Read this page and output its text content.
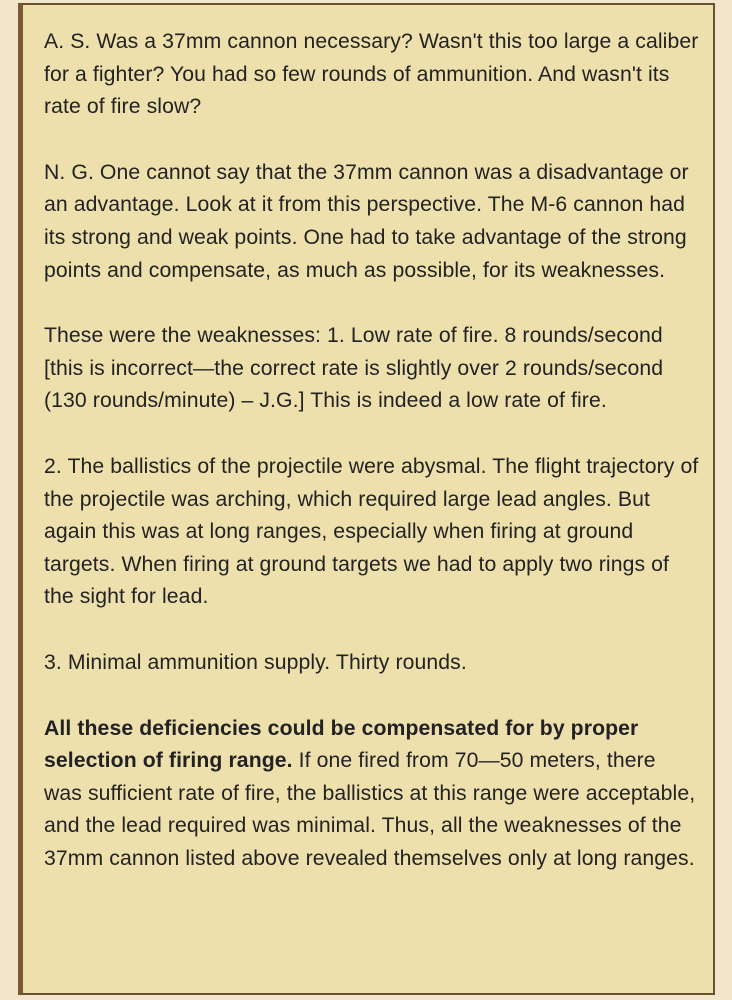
A. S. Was a 37mm cannon necessary? Wasn't this too large a caliber for a fighter? You had so few rounds of ammunition. And wasn't its rate of fire slow?

N. G. One cannot say that the 37mm cannon was a disadvantage or an advantage. Look at it from this perspective. The M-6 cannon had its strong and weak points. One had to take advantage of the strong points and compensate, as much as possible, for its weaknesses.

These were the weaknesses: 1. Low rate of fire. 8 rounds/second [this is incorrect—the correct rate is slightly over 2 rounds/second (130 rounds/minute) – J.G.] This is indeed a low rate of fire.

2. The ballistics of the projectile were abysmal. The flight trajectory of the projectile was arching, which required large lead angles. But again this was at long ranges, especially when firing at ground targets. When firing at ground targets we had to apply two rings of the sight for lead.

3. Minimal ammunition supply. Thirty rounds.

All these deficiencies could be compensated for by proper selection of firing range. If one fired from 70—50 meters, there was sufficient rate of fire, the ballistics at this range were acceptable, and the lead required was minimal. Thus, all the weaknesses of the 37mm cannon listed above revealed themselves only at long ranges.
